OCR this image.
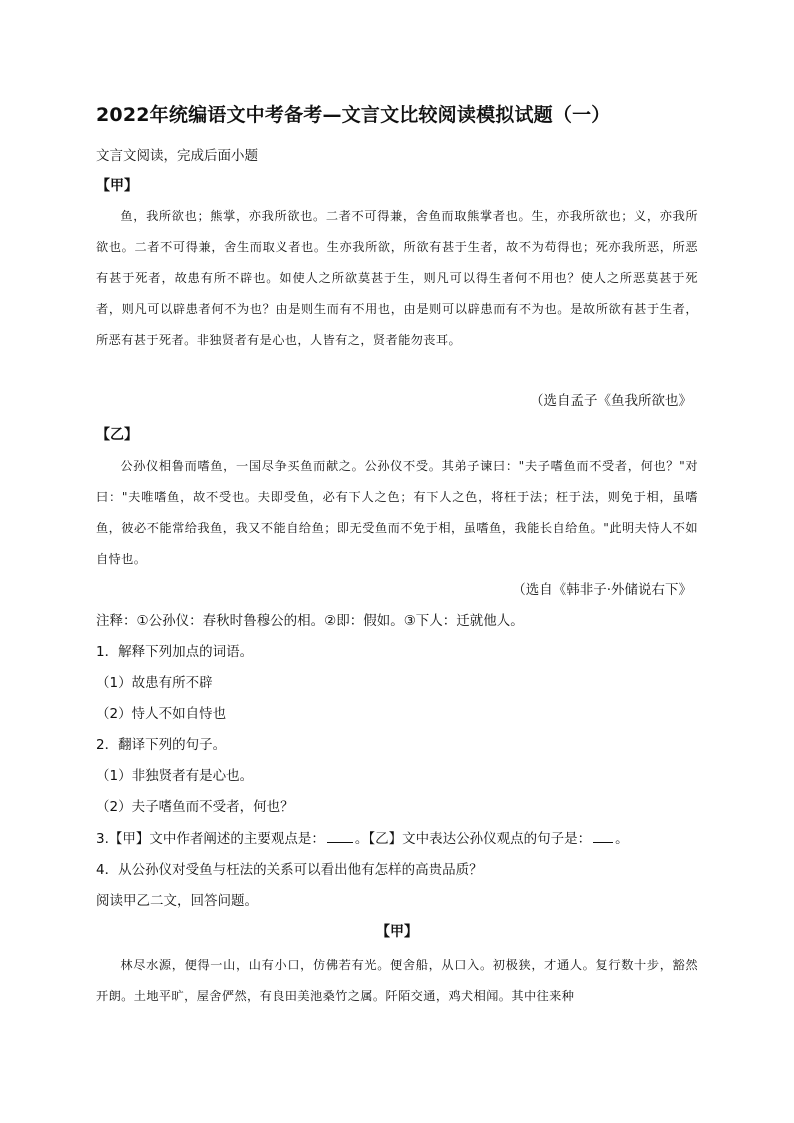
2022年统编语文中考备考—文言文比较阅读模拟试题（一）
文言文阅读，完成后面小题
【甲】
鱼，我所欲也；熊掌，亦我所欲也。二者不可得兼，舍鱼而取熊掌者也。生，亦我所欲也；义，亦我所欲也。二者不可得兼，舍生而取义者也。生亦我所欲，所欲有甚于生者，故不为苟得也；死亦我所恶，所恶有甚于死者，故患有所不辟也。如使人之所欲莫甚于生，则凡可以得生者何不用也？使人之所恶莫甚于死者，则凡可以辟患者何不为也？由是则生而有不用也，由是则可以辟患而有不为也。是故所欲有甚于生者，所恶有甚于死者。非独贤者有是心也，人皆有之，贤者能勿丧耳。
（选自孟子《鱼我所欲也》
【乙】
公孙仪相鲁而嗜鱼，一国尽争买鱼而献之。公孙仪不受。其弟子谏曰："夫子嗜鱼而不受者，何也？"对曰："夫唯嗜鱼，故不受也。夫即受鱼，必有下人之色；有下人之色，将枉于法；枉于法，则免于相，虽嗜鱼，彼必不能常给我鱼，我又不能自给鱼；即无受鱼而不免于相，虽嗜鱼，我能长自给鱼。"此明夫恃人不如自恃也。
（选自《韩非子·外储说右下》
注释：①公孙仪：春秋时鲁穆公的相。②即：假如。③下人：迁就他人。
1．解释下列加点的词语。
（1）故患有所不辟
（2）恃人不如自恃也
2．翻译下列的句子。
（1）非独贤者有是心也。
（2）夫子嗜鱼而不受者，何也？
3.【甲】文中作者阐述的主要观点是： 。【乙】文中表达公孙仪观点的句子是： 。
4．从公孙仪对受鱼与枉法的关系可以看出他有怎样的高贵品质？
阅读甲乙二文，回答问题。
【甲】
林尽水源，便得一山，山有小口，仿佛若有光。便舍船，从口入。初极狭，才通人。复行数十步，豁然开朗。土地平旷，屋舍俨然，有良田美池桑竹之属。阡陌交通，鸡犬相闻。其中往来种
